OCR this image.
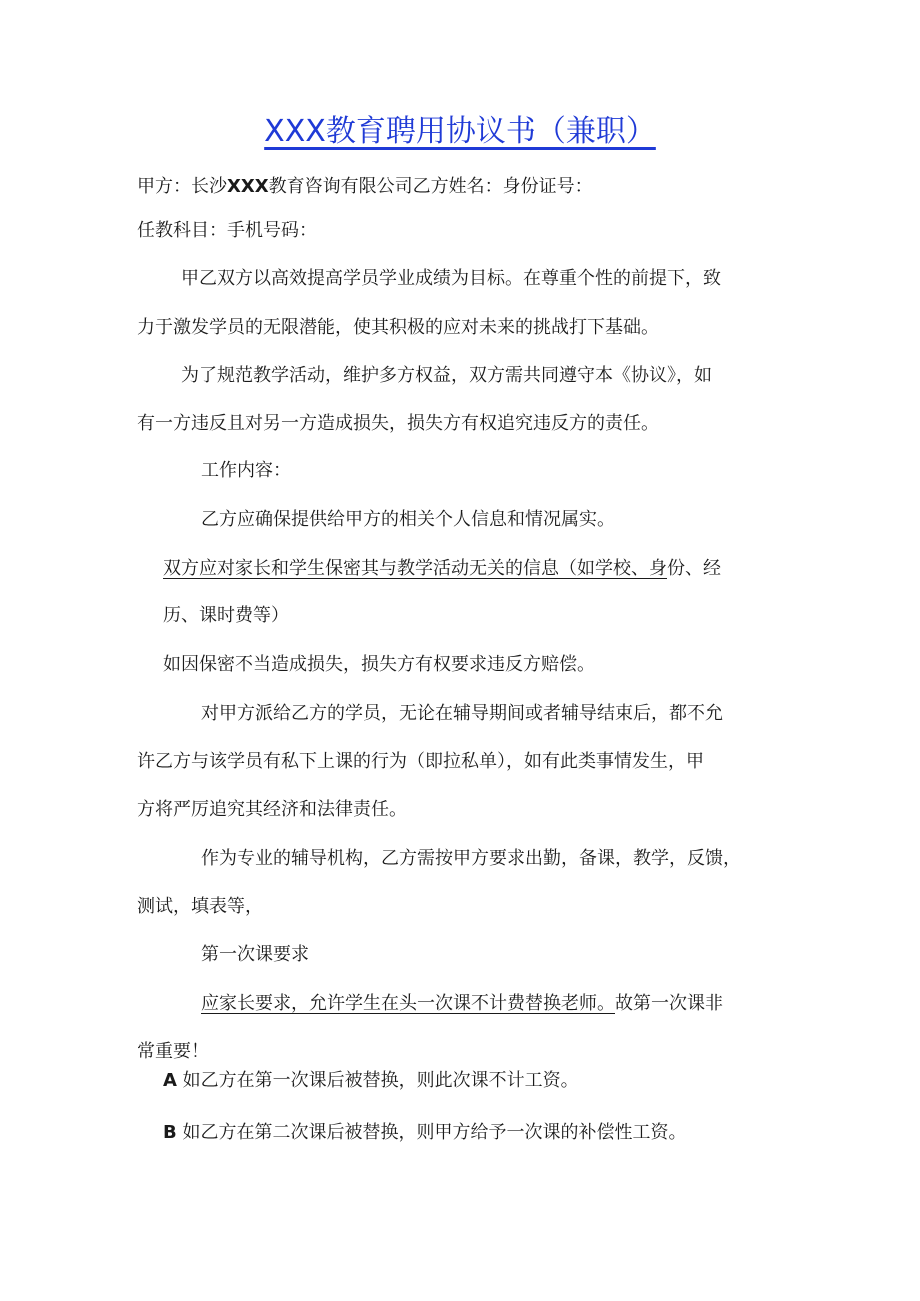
XXX教育聘用协议书（兼职）

甲方：长沙XXX教育咨询有限公司乙方姓名：身份证号：

任教科目：手机号码：

甲乙双方以高效提高学员学业成绩为目标。在尊重个性的前提下，致

力于激发学员的无限潜能，使其积极的应对未来的挑战打下基础。

为了规范教学活动，维护多方权益，双方需共同遵守本《协议》，如

有一方违反且对另一方造成损失，损失方有权追究违反方的责任。

工作内容：

乙方应确保提供给甲方的相关个人信息和情况属实。

双方应对家长和学生保密其与教学活动无关的信息（如学校、身份、经

历、课时费等）

如因保密不当造成损失，损失方有权要求违反方赔偿。

对甲方派给乙方的学员，无论在辅导期间或者辅导结束后，都不允

许乙方与该学员有私下上课的行为（即拉私单），如有此类事情发生，甲

方将严厉追究其经济和法律责任。

作为专业的辅导机构，乙方需按甲方要求出勤，备课，教学，反馈，

测试，填表等，

第一次课要求

应家长要求，允许学生在头一次课不计费替换老师。故第一次课非

常重要！

A 如乙方在第一次课后被替换，则此次课不计工资。

B 如乙方在第二次课后被替换，则甲方给予一次课的补偿性工资。
